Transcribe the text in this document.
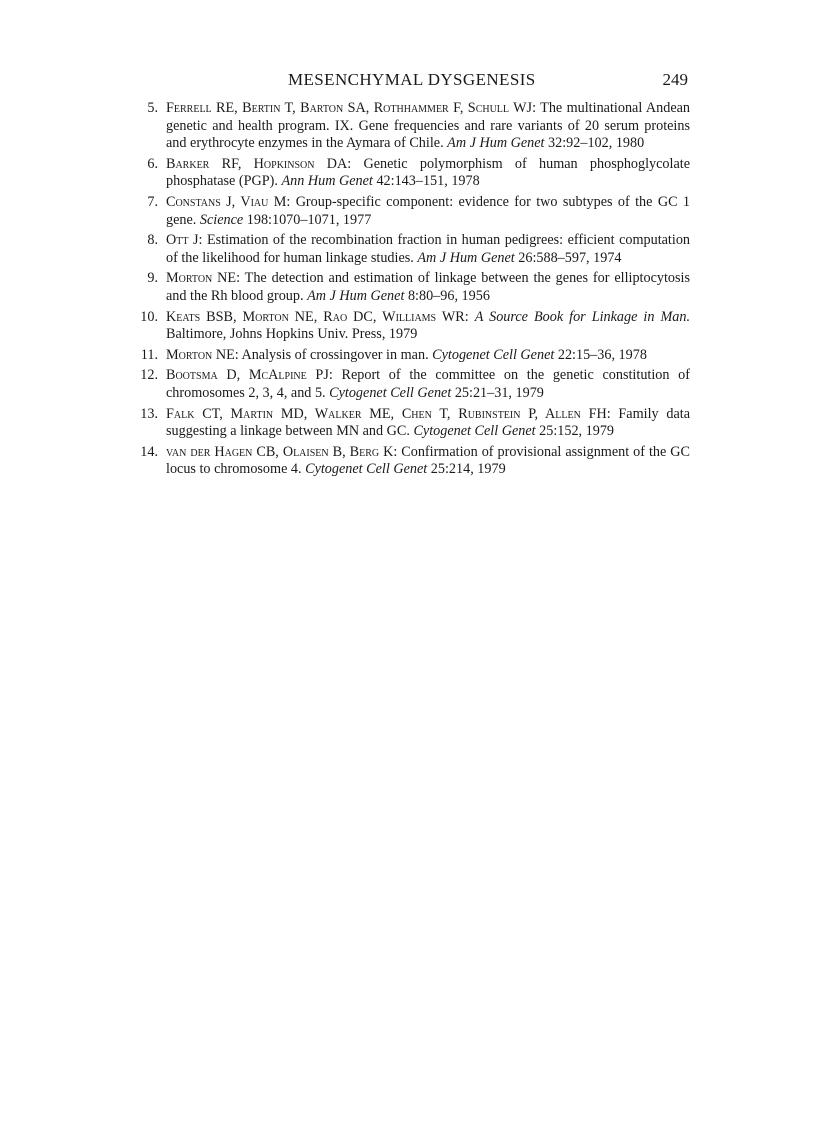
MESENCHYMAL DYSGENESIS	249
5. Ferrell RE, Bertin T, Barton SA, Rothhammer F, Schull WJ: The multinational Andean genetic and health program. IX. Gene frequencies and rare variants of 20 serum proteins and erythrocyte enzymes in the Aymara of Chile. Am J Hum Genet 32:92–102, 1980
6. Barker RF, Hopkinson DA: Genetic polymorphism of human phosphoglycolate phosphatase (PGP). Ann Hum Genet 42:143–151, 1978
7. Constans J, Viau M: Group-specific component: evidence for two subtypes of the GC 1 gene. Science 198:1070–1071, 1977
8. Ott J: Estimation of the recombination fraction in human pedigrees: efficient computation of the likelihood for human linkage studies. Am J Hum Genet 26:588–597, 1974
9. Morton NE: The detection and estimation of linkage between the genes for elliptocytosis and the Rh blood group. Am J Hum Genet 8:80–96, 1956
10. Keats BSB, Morton NE, Rao DC, Williams WR: A Source Book for Linkage in Man. Baltimore, Johns Hopkins Univ. Press, 1979
11. Morton NE: Analysis of crossingover in man. Cytogenet Cell Genet 22:15–36, 1978
12. Bootsma D, McAlpine PJ: Report of the committee on the genetic constitution of chromosomes 2, 3, 4, and 5. Cytogenet Cell Genet 25:21–31, 1979
13. Falk CT, Martin MD, Walker ME, Chen T, Rubinstein P, Allen FH: Family data suggesting a linkage between MN and GC. Cytogenet Cell Genet 25:152, 1979
14. van der Hagen CB, Olaisen B, Berg K: Confirmation of provisional assignment of the GC locus to chromosome 4. Cytogenet Cell Genet 25:214, 1979
